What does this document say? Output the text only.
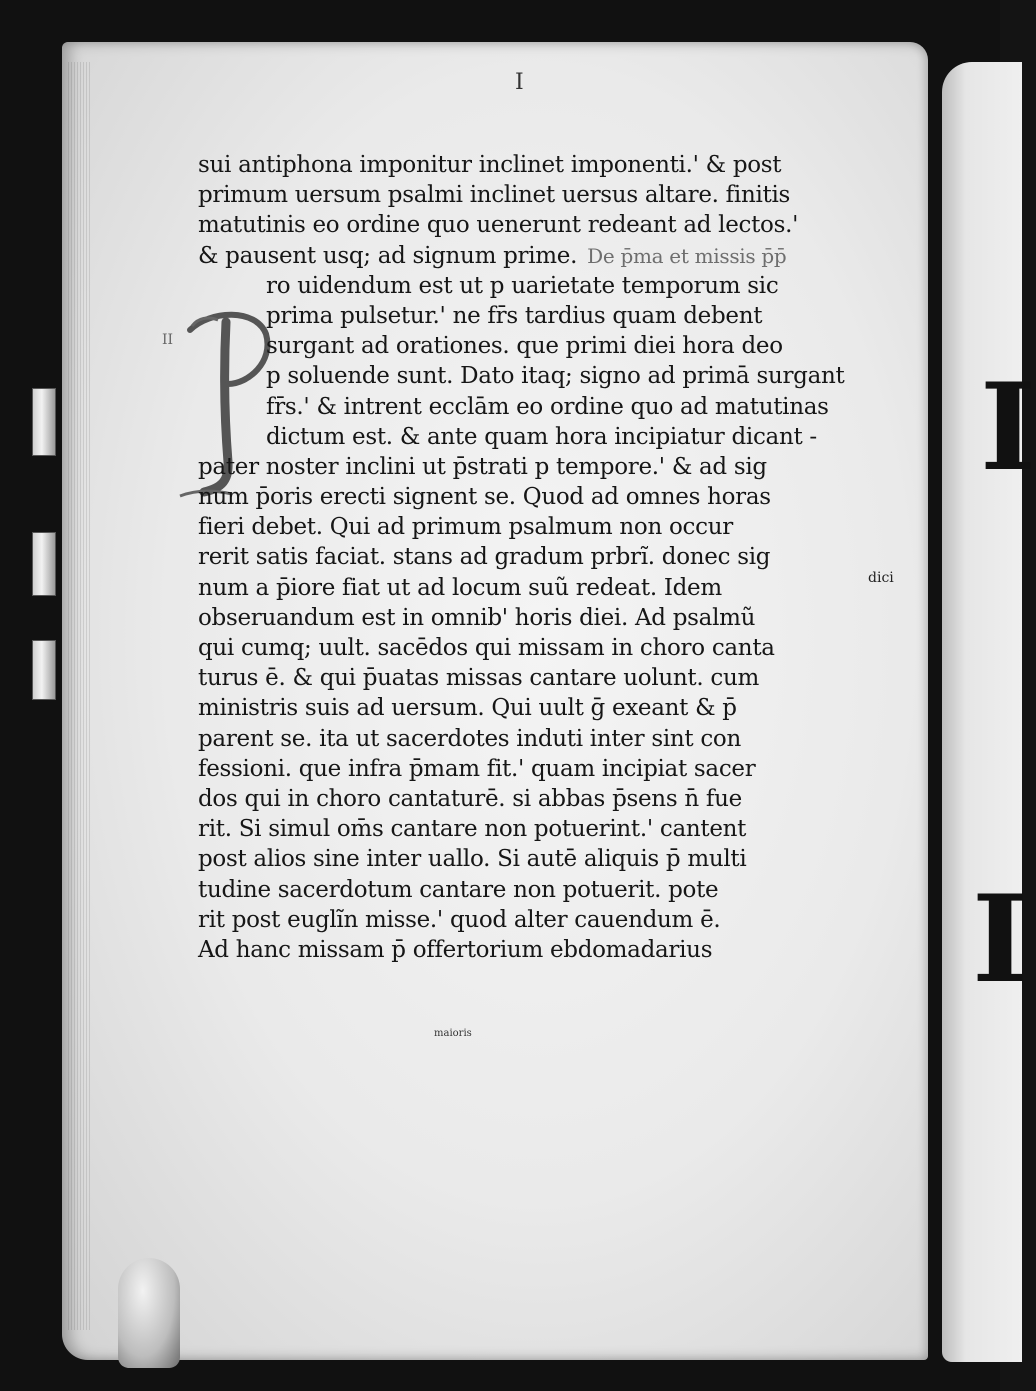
I
I
I
II
dici
maioris
sui antiphona imponitur inclinet imponenti.' & post
primum uersum psalmi inclinet uersus altare. finitis
matutinis eo ordine quo uenerunt redeant ad lectos.'
& pausent usq; ad signum prime. De p̄ma et missis p̄p̄
ro uidendum est ut p uarietate temporum sic
prima pulsetur.' ne fr̄s tardius quam debent
surgant ad orationes. que primi diei hora deo
p soluende sunt. Dato itaq; signo ad primā surgant
fr̄s.' & intrent ecclām eo ordine quo ad matutinas
dictum est. & ante quam hora incipiatur dicant -
pater noster inclini ut p̄strati p tempore.' & ad sig
num p̄oris erecti signent se. Quod ad omnes horas
fieri debet. Qui ad primum psalmum non occur
rerit satis faciat. stans ad gradum prbrĩ. donec sig
num a p̄iore fiat ut ad locum suũ redeat. Idem
obseruandum est in omnib' horis diei. Ad psalmũ
qui cumq; uult. sacēdos qui missam in choro canta
turus ē. & qui p̄uatas missas cantare uolunt. cum
ministris suis ad uersum. Qui uult ḡ exeant & p̄
parent se. ita ut sacerdotes induti inter sint con
fessioni. que infra p̄mam fit.' quam incipiat sacer
dos qui in choro cantaturē. si abbas p̄sens n̄ fue
rit. Si simul om̄s cantare non potuerint.' cantent
post alios sine inter uallo. Si autē aliquis p̄ multi
tudine sacerdotum cantare non potuerit. pote
rit post euglĩn misse.' quod alter cauendum ē.
Ad hanc missam p̄ offertorium ebdomadarius
